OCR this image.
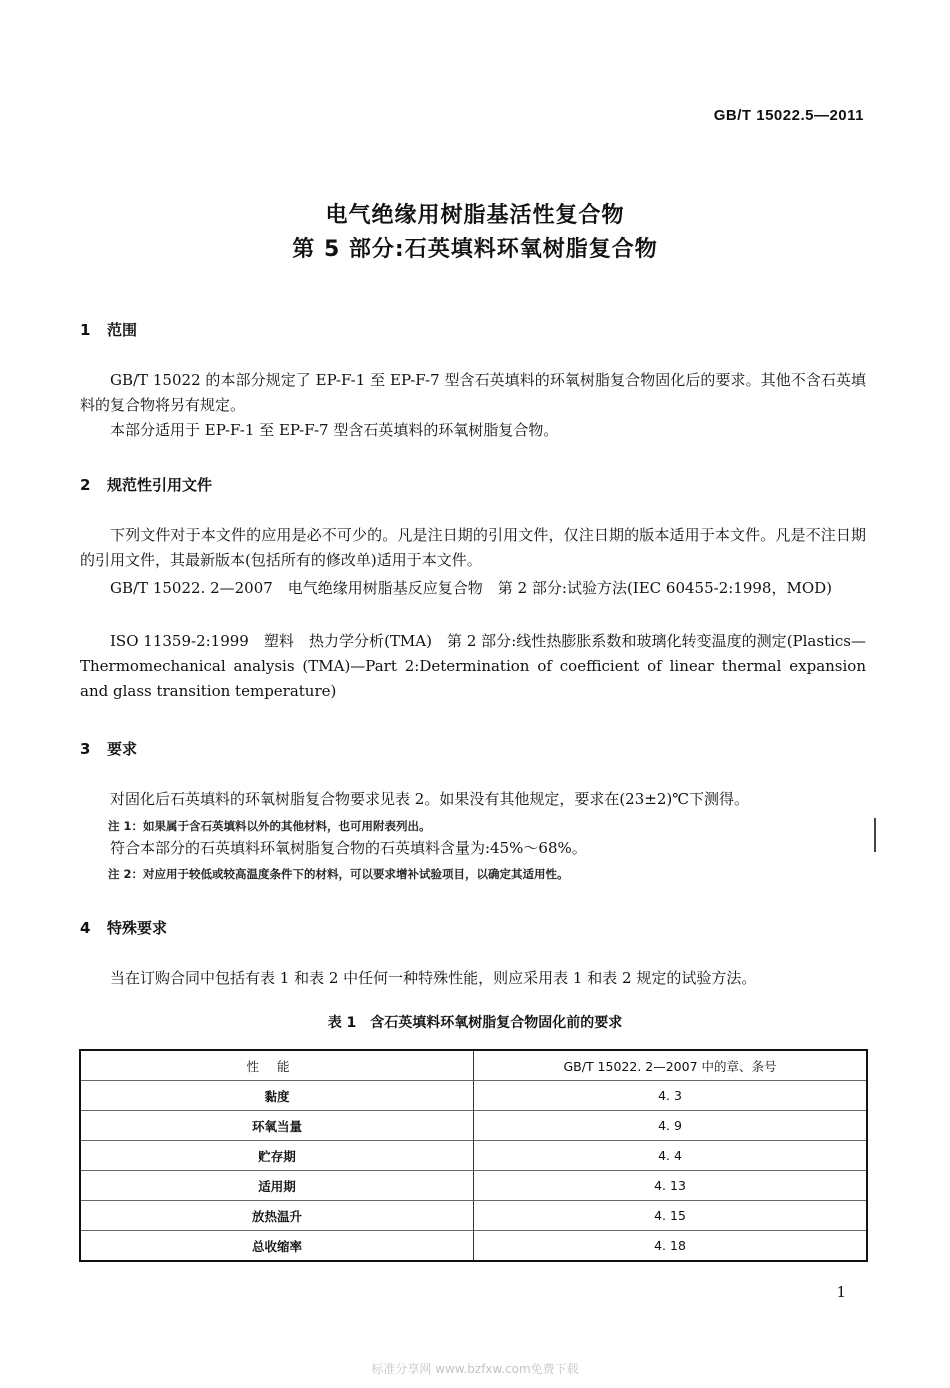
GB/T 15022.5—2011
电气绝缘用树脂基活性复合物
第 5 部分:石英填料环氧树脂复合物
1 范围
GB/T 15022 的本部分规定了 EP-F-1 至 EP-F-7 型含石英填料的环氧树脂复合物固化后的要求。其他不含石英填料的复合物将另有规定。
本部分适用于 EP-F-1 至 EP-F-7 型含石英填料的环氧树脂复合物。
2 规范性引用文件
下列文件对于本文件的应用是必不可少的。凡是注日期的引用文件，仅注日期的版本适用于本文件。凡是不注日期的引用文件，其最新版本(包括所有的修改单)适用于本文件。
GB/T 15022. 2—2007　电气绝缘用树脂基反应复合物　第 2 部分:试验方法(IEC 60455-2:1998，MOD)
ISO 11359-2:1999　塑料　热力学分析(TMA)　第 2 部分:线性热膨胀系数和玻璃化转变温度的测定(Plastics—Thermomechanical analysis (TMA)—Part 2:Determination of coefficient of linear thermal expansion and glass transition temperature)
3 要求
对固化后石英填料的环氧树脂复合物要求见表 2。如果没有其他规定，要求在(23±2)℃下测得。
注 1：如果属于含石英填料以外的其他材料，也可用附表列出。
符合本部分的石英填料环氧树脂复合物的石英填料含量为:45%～68%。
注 2：对应用于较低或较高温度条件下的材料，可以要求增补试验项目，以确定其适用性。
4 特殊要求
当在订购合同中包括有表 1 和表 2 中任何一种特殊性能，则应采用表 1 和表 2 规定的试验方法。
表 1　含石英填料环氧树脂复合物固化前的要求
性能	GB/T 15022. 2—2007 中的章、条号
黏度	4. 3
环氧当量	4. 9
贮存期	4. 4
适用期	4. 13
放热温升	4. 15
总收缩率	4. 18
1
标准分享网 www.bzfxw.com免费下载
